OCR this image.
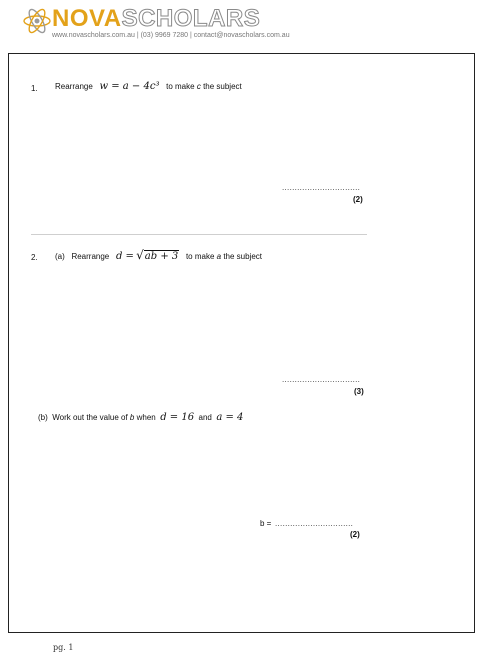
NOVASCHOLARS
www.novascholars.com.au | (03) 9969 7280 | contact@novascholars.com.au
1. Rearrange w = a − 4c³ to make c the subject
...............................
(2)
2. (a) Rearrange d = √ab + 3 to make a the subject
...............................
(3)
(b) Work out the value of b when d = 16 and a = 4
b = ...............................
(2)
pg. 1
